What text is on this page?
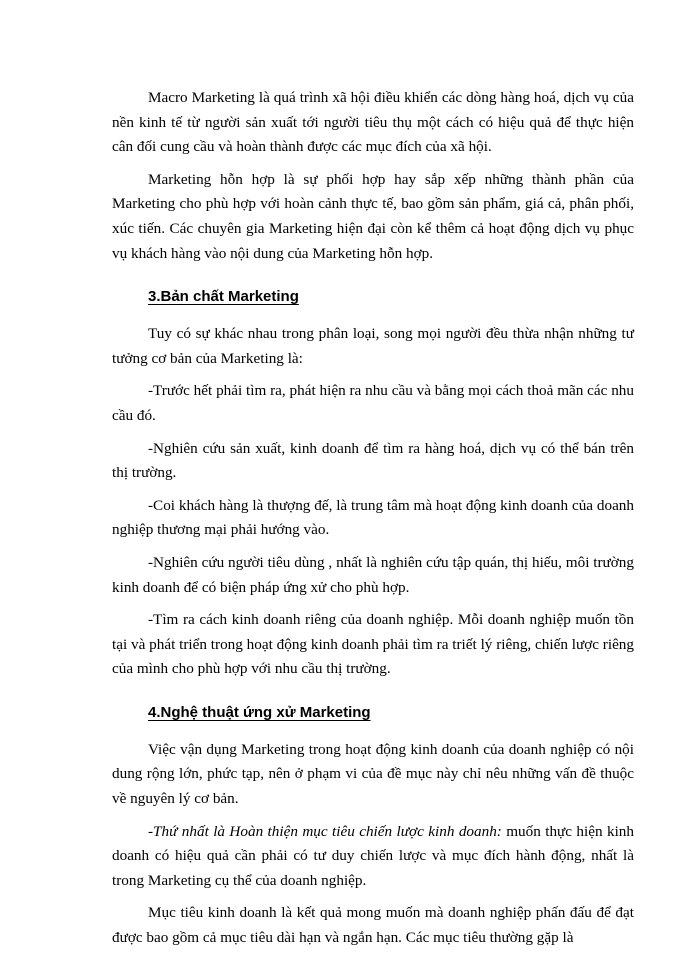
Macro Marketing là quá trình xã hội điều khiển các dòng hàng hoá, dịch vụ của nền kinh tế từ người sản xuất tới người tiêu thụ một cách có hiệu quả để thực hiện cân đối cung cầu và hoàn thành được các mục đích của xã hội.

Marketing hỗn hợp là sự phối hợp hay sắp xếp những thành phần của Marketing cho phù hợp với hoàn cảnh thực tế, bao gồm sản phẩm, giá cả, phân phối, xúc tiến. Các chuyên gia Marketing hiện đại còn kể thêm cả hoạt động dịch vụ phục vụ khách hàng vào nội dung của Marketing hỗn hợp.

3.Bản chất Marketing

Tuy có sự khác nhau trong phân loại, song mọi người đều thừa nhận những tư tưởng cơ bản của Marketing là:

-Trước hết phải tìm ra, phát hiện ra nhu cầu và bằng mọi cách thoả mãn các nhu cầu đó.

-Nghiên cứu sản xuất, kinh doanh để tìm ra hàng hoá, dịch vụ có thể bán trên thị trường.

-Coi khách hàng là thượng đế, là trung tâm mà hoạt động kinh doanh của doanh nghiệp thương mại phải hướng vào.

-Nghiên cứu người tiêu dùng , nhất là nghiên cứu tập quán, thị hiếu, môi trường kinh doanh để có biện pháp ứng xử cho phù hợp.

-Tìm ra cách kinh doanh riêng của doanh nghiệp. Mỗi doanh nghiệp muốn tồn tại và phát triển trong hoạt động kinh doanh phải tìm ra triết lý riêng, chiến lược riêng của mình cho phù hợp với nhu cầu thị trường.

4.Nghệ thuật ứng xử Marketing

Việc vận dụng Marketing trong hoạt động kinh doanh của doanh nghiệp có nội dung rộng lớn, phức tạp, nên ở phạm vi của đề mục này chỉ nêu những vấn đề thuộc về nguyên lý cơ bản.

-Thứ nhất là Hoàn thiện mục tiêu chiến lược kinh doanh: muốn thực hiện kinh doanh có hiệu quả cần phải có tư duy chiến lược và mục đích hành động, nhất là trong Marketing cụ thể của doanh nghiệp.

Mục tiêu kinh doanh là kết quả mong muốn mà doanh nghiệp phấn đấu để đạt được bao gồm cả mục tiêu dài hạn và ngắn hạn. Các mục tiêu thường gặp là
